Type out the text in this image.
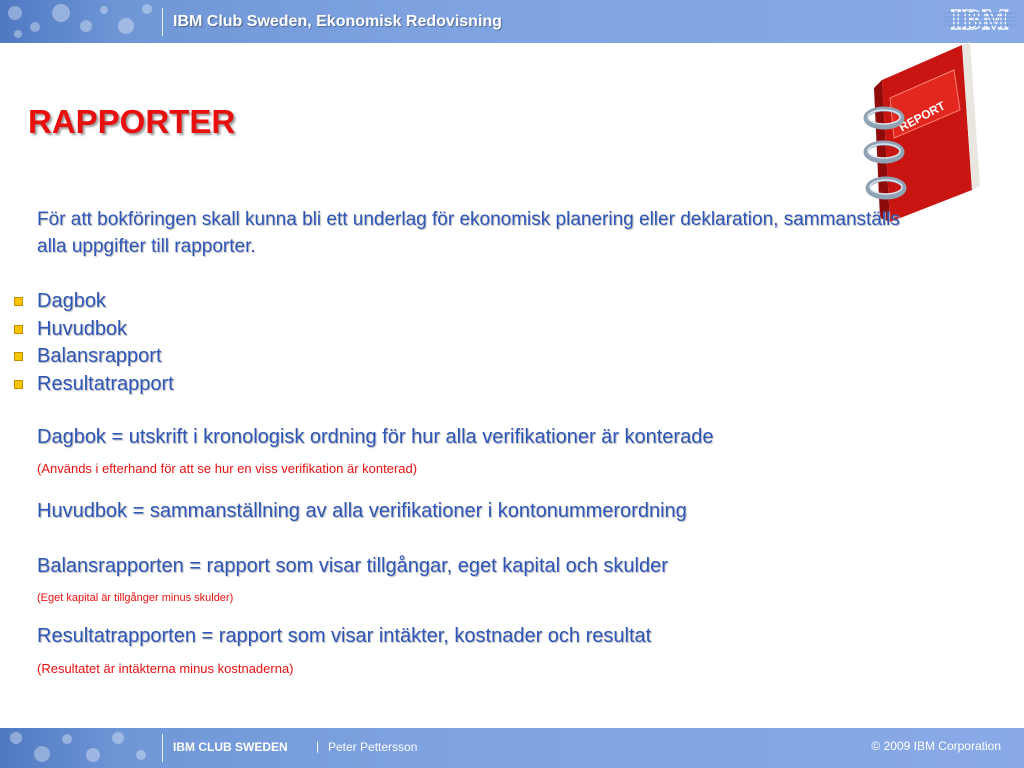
IBM Club Sweden, Ekonomisk Redovisning	IBM
RAPPORTER	REPORT
För att bokföringen skall kunna bli ett underlag för ekonomisk planering eller deklaration, sammanställs alla uppgifter till rapporter.
Dagbok
Huvudbok
Balansrapport
Resultatrapport
Dagbok = utskrift i kronologisk ordning för hur alla verifikationer är konterade
(Används i efterhand för att se hur en viss verifikation är konterad)
Huvudbok = sammanställning av alla verifikationer i kontonummerordning
Balansrapporten = rapport som visar tillgångar, eget kapital och skulder
(Eget kapital är tillgånger minus skulder)
Resultatrapporten = rapport som visar intäkter, kostnader och resultat
(Resultatet är intäkterna minus kostnaderna)
IBM CLUB SWEDEN | Peter Pettersson	© 2009 IBM Corporation
